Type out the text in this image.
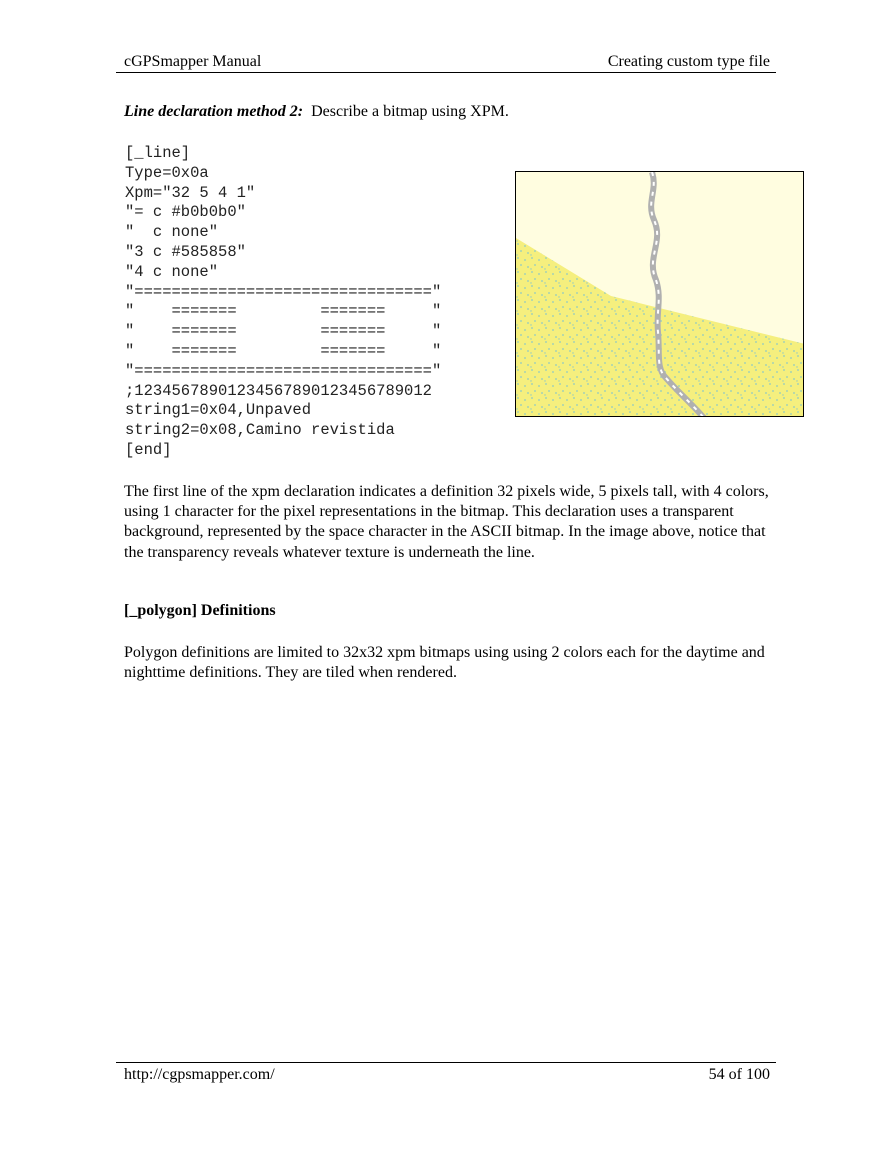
cGPSmapper Manual	Creating custom type file
Line declaration method 2:  Describe a bitmap using XPM.
[_line]
Type=0x0a
Xpm="32 5 4 1"
"= c #b0b0b0"
"  c none"
"3 c #585858"
"4 c none"
"================================"
"    =======         =======     "
"    =======         =======     "
"    =======         =======     "
"================================"
;12345678901234567890123456789012
string1=0x04,Unpaved
string2=0x08,Camino revistida
[end]

The first line of the xpm declaration indicates a definition 32 pixels wide, 5 pixels tall, with 4 colors, using 1 character for the pixel representations in the bitmap. This declaration uses a transparent background, represented by the space character in the ASCII bitmap. In the image above, notice that the transparency reveals whatever texture is underneath the line.

[_polygon] Definitions

Polygon definitions are limited to 32x32 xpm bitmaps using using 2 colors each for the daytime and nighttime definitions. They are tiled when rendered.

http://cgpsmapper.com/	54 of 100
